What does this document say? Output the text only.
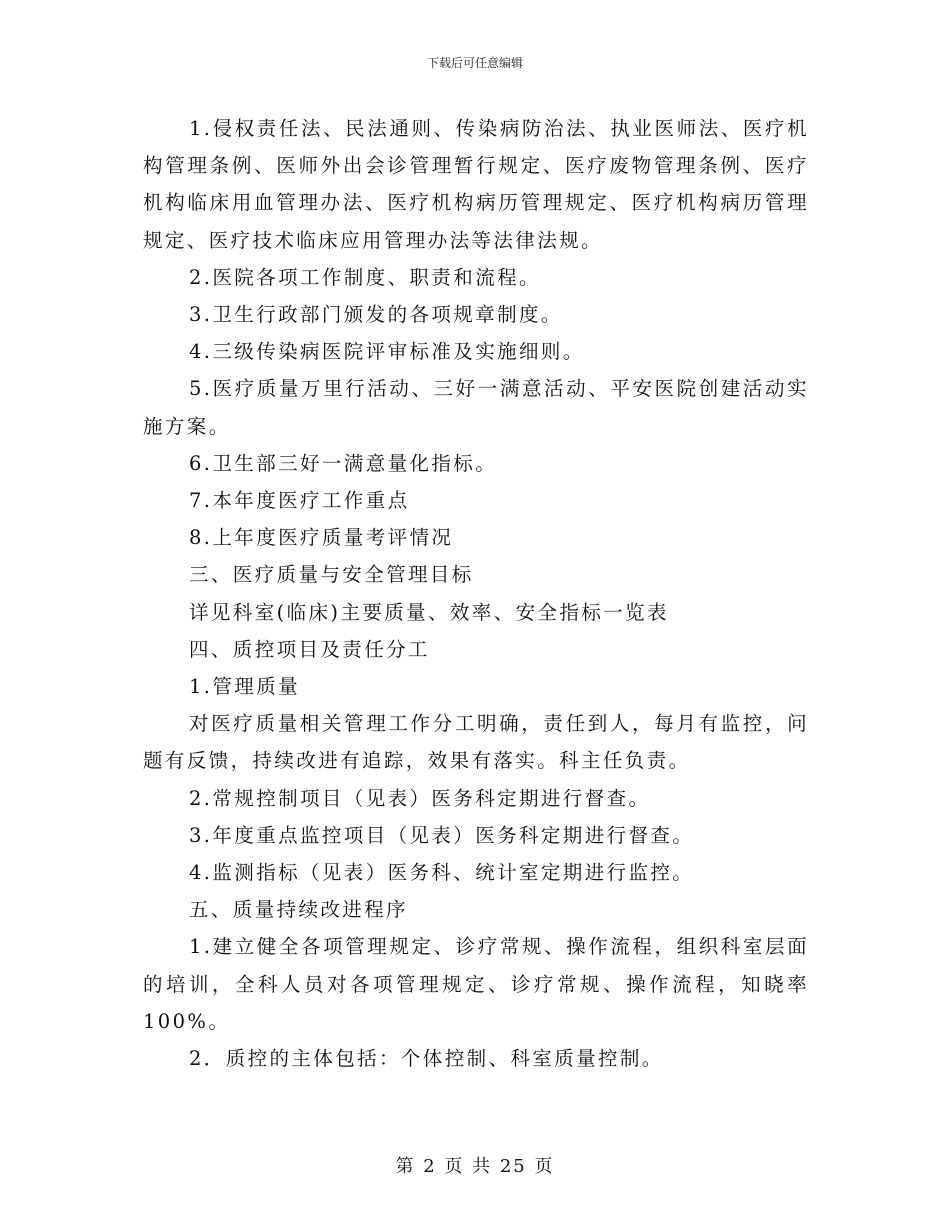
下载后可任意编辑

1.侵权责任法、民法通则、传染病防治法、执业医师法、医疗机构管理条例、医师外出会诊管理暂行规定、医疗废物管理条例、医疗机构临床用血管理办法、医疗机构病历管理规定、医疗机构病历管理规定、医疗技术临床应用管理办法等法律法规。

2.医院各项工作制度、职责和流程。

3.卫生行政部门颁发的各项规章制度。

4.三级传染病医院评审标准及实施细则。

5.医疗质量万里行活动、三好一满意活动、平安医院创建活动实施方案。

6.卫生部三好一满意量化指标。

7.本年度医疗工作重点

8.上年度医疗质量考评情况

三、医疗质量与安全管理目标

详见科室(临床)主要质量、效率、安全指标一览表

四、质控项目及责任分工

1.管理质量

对医疗质量相关管理工作分工明确，责任到人，每月有监控，问题有反馈，持续改进有追踪，效果有落实。科主任负责。

2.常规控制项目（见表）医务科定期进行督查。

3.年度重点监控项目（见表）医务科定期进行督查。

4.监测指标（见表）医务科、统计室定期进行监控。

五、质量持续改进程序

1.建立健全各项管理规定、诊疗常规、操作流程，组织科室层面的培训，全科人员对各项管理规定、诊疗常规、操作流程，知晓率100%。

2．质控的主体包括：个体控制、科室质量控制。

第 2 页 共 25 页
